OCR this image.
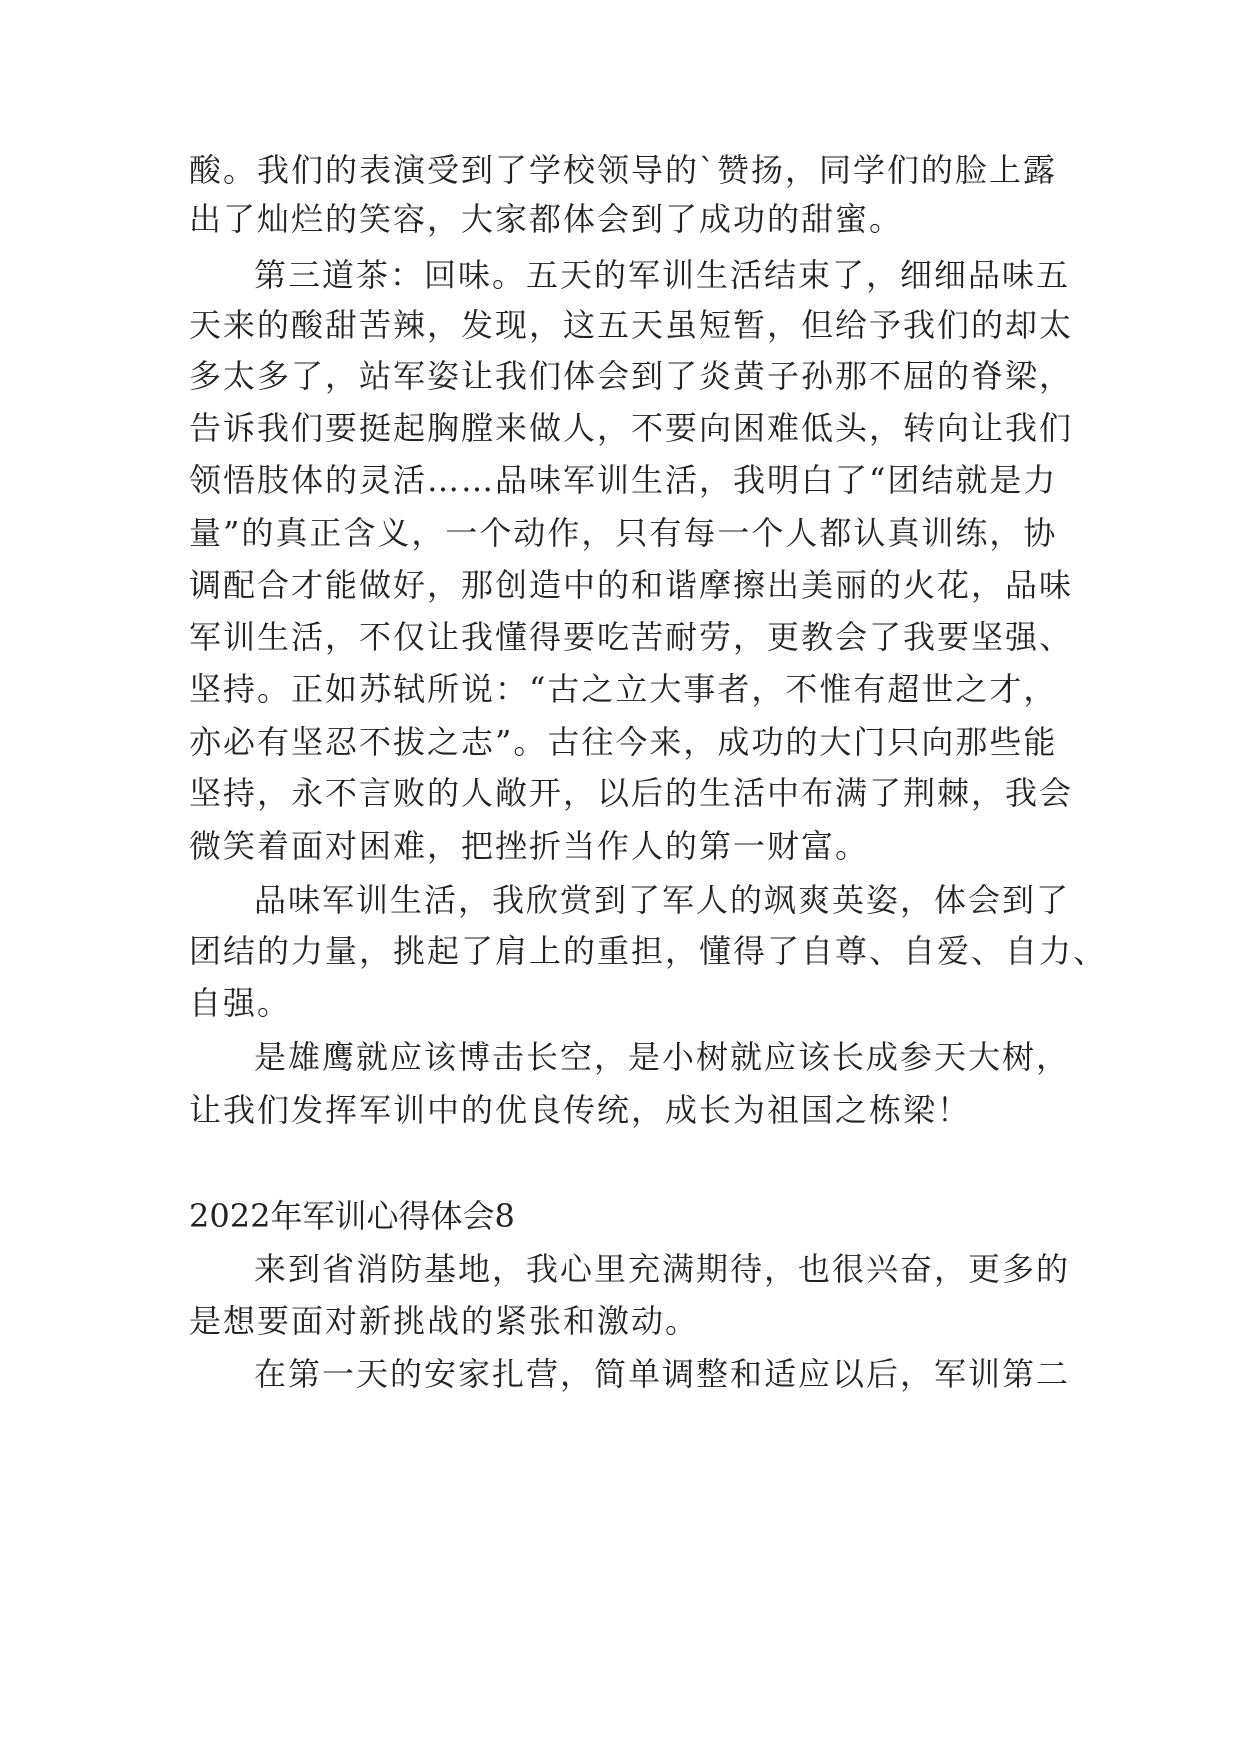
酸。我们的表演受到了学校领导的`赞扬，同学们的脸上露
出了灿烂的笑容，大家都体会到了成功的甜蜜。
第三道茶：回味。五天的军训生活结束了，细细品味五
天来的酸甜苦辣，发现，这五天虽短暂，但给予我们的却太
多太多了，站军姿让我们体会到了炎黄子孙那不屈的脊梁，
告诉我们要挺起胸膛来做人，不要向困难低头，转向让我们
领悟肢体的灵活……品味军训生活，我明白了“团结就是力
量”的真正含义，一个动作，只有每一个人都认真训练，协
调配合才能做好，那创造中的和谐摩擦出美丽的火花，品味
军训生活，不仅让我懂得要吃苦耐劳，更教会了我要坚强、
坚持。正如苏轼所说：“古之立大事者，不惟有超世之才，
亦必有坚忍不拔之志”。古往今来，成功的大门只向那些能
坚持，永不言败的人敞开，以后的生活中布满了荆棘，我会
微笑着面对困难，把挫折当作人的第一财富。
品味军训生活，我欣赏到了军人的飒爽英姿，体会到了
团结的力量，挑起了肩上的重担，懂得了自尊、自爱、自力、
自强。
是雄鹰就应该博击长空，是小树就应该长成参天大树，
让我们发挥军训中的优良传统，成长为祖国之栋梁！
2022年军训心得体会8
来到省消防基地，我心里充满期待，也很兴奋，更多的
是想要面对新挑战的紧张和激动。
在第一天的安家扎营，简单调整和适应以后，军训第二
